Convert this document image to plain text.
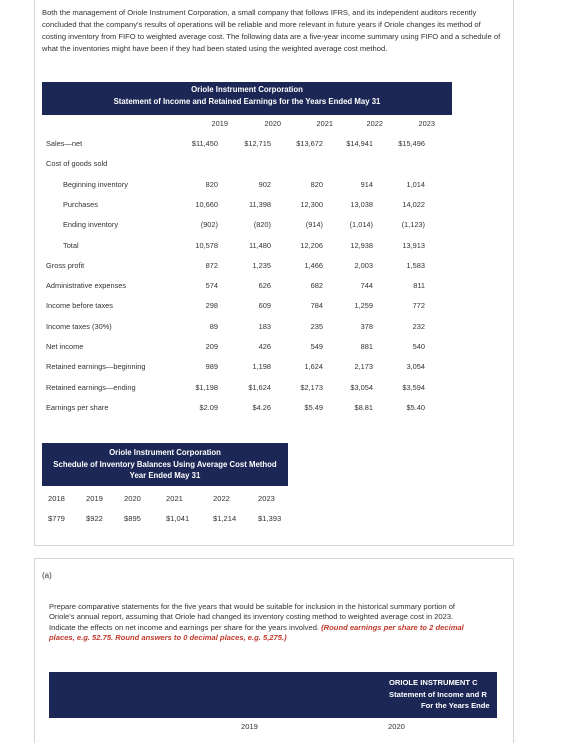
Both the management of Oriole Instrument Corporation, a small company that follows IFRS, and its independent auditors recently concluded that the company's results of operations will be reliable and more relevant in future years if Oriole changes its method of costing inventory from FIFO to weighted average cost. The following data are a five-year income summary using FIFO and a schedule of what the inventories might have been if they had been stated using the weighted average cost method.
Oriole Instrument Corporation
Statement of Income and Retained Earnings for the Years Ended May 31
2019	2020	2021	2022	2023
Sales—net	$11,450	$12,715	$13,672	$14,941	$15,496
Cost of goods sold
Beginning inventory	820	902	820	914	1,014
Purchases	10,660	11,398	12,300	13,038	14,022
Ending inventory	(902)	(820)	(914)	(1,014)	(1,123)
Total	10,578	11,480	12,206	12,938	13,913
Gross profit	872	1,235	1,466	2,003	1,583
Administrative expenses	574	626	682	744	811
Income before taxes	298	609	784	1,259	772
Income taxes (30%)	89	183	235	378	232
Net income	209	426	549	881	540
Retained earnings—beginning	989	1,198	1,624	2,173	3,054
Retained earnings—ending	$1,198	$1,624	$2,173	$3,054	$3,594
Earnings per share	$2.09	$4.26	$5.49	$8.81	$5.40
Oriole Instrument Corporation
Schedule of Inventory Balances Using Average Cost Method
Year Ended May 31
2018	2019	2020	2021	2022	2023
$779	$922	$895	$1,041	$1,214	$1,393
(a)
Prepare comparative statements for the five years that would be suitable for inclusion in the historical summary portion of Oriole's annual report, assuming that Oriole had changed its inventory costing method to weighted average cost in 2023. Indicate the effects on net income and earnings per share for the years involved. (Round earnings per share to 2 decimal places, e.g. 52.75. Round answers to 0 decimal places, e.g. 5,275.)
ORIOLE INSTRUMENT C
Statement of Income and R
For the Years Ende
2019	2020
